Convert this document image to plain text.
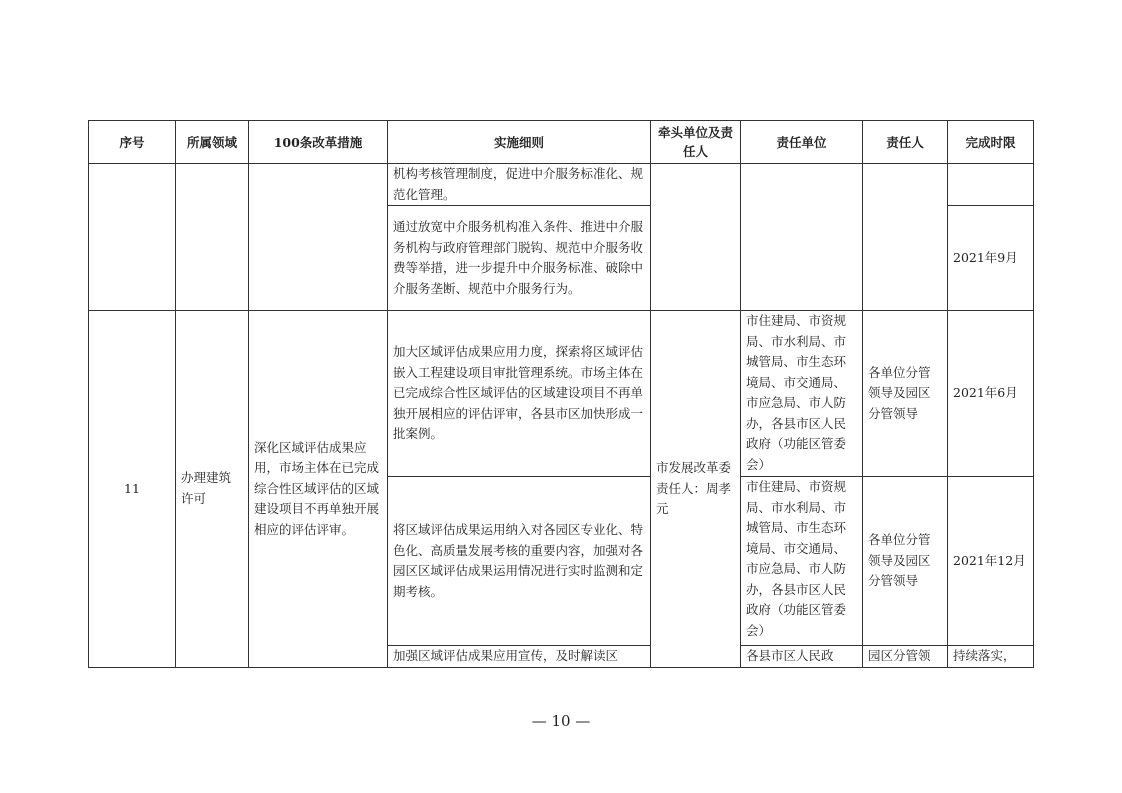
序号	所属领域	100条改革措施	实施细则	牵头单位及责任人	责任单位	责任人	完成时限
			机构考核管理制度，促进中介服务标准化、规范化管理。				
			通过放宽中介服务机构准入条件、推进中介服务机构与政府管理部门脱钩、规范中介服务收费等举措，进一步提升中介服务标准、破除中介服务垄断、规范中介服务行为。				2021年9月
11	办理建筑许可	深化区域评估成果应用，市场主体在已完成综合性区域评估的区域建设项目不再单独开展相应的评估评审。	加大区域评估成果应用力度，探索将区域评估嵌入工程建设项目审批管理系统。市场主体在已完成综合性区域评估的区域建设项目不再单独开展相应的评估评审，各县市区加快形成一批案例。	市发展改革委
责任人：周孝元	市住建局、市资规局、市水利局、市城管局、市生态环境局、市交通局、市应急局、市人防办，各县市区人民政府（功能区管委会）	各单位分管领导及园区分管领导	2021年6月
			将区域评估成果运用纳入对各园区专业化、特色化、高质量发展考核的重要内容，加强对各园区区域评估成果运用情况进行实时监测和定期考核。		市住建局、市资规局、市水利局、市城管局、市生态环境局、市交通局、市应急局、市人防办，各县市区人民政府（功能区管委会）	各单位分管领导及园区分管领导	2021年12月
			加强区域评估成果应用宣传，及时解读区		各县市区人民政	园区分管领	持续落实，
— 10 —
